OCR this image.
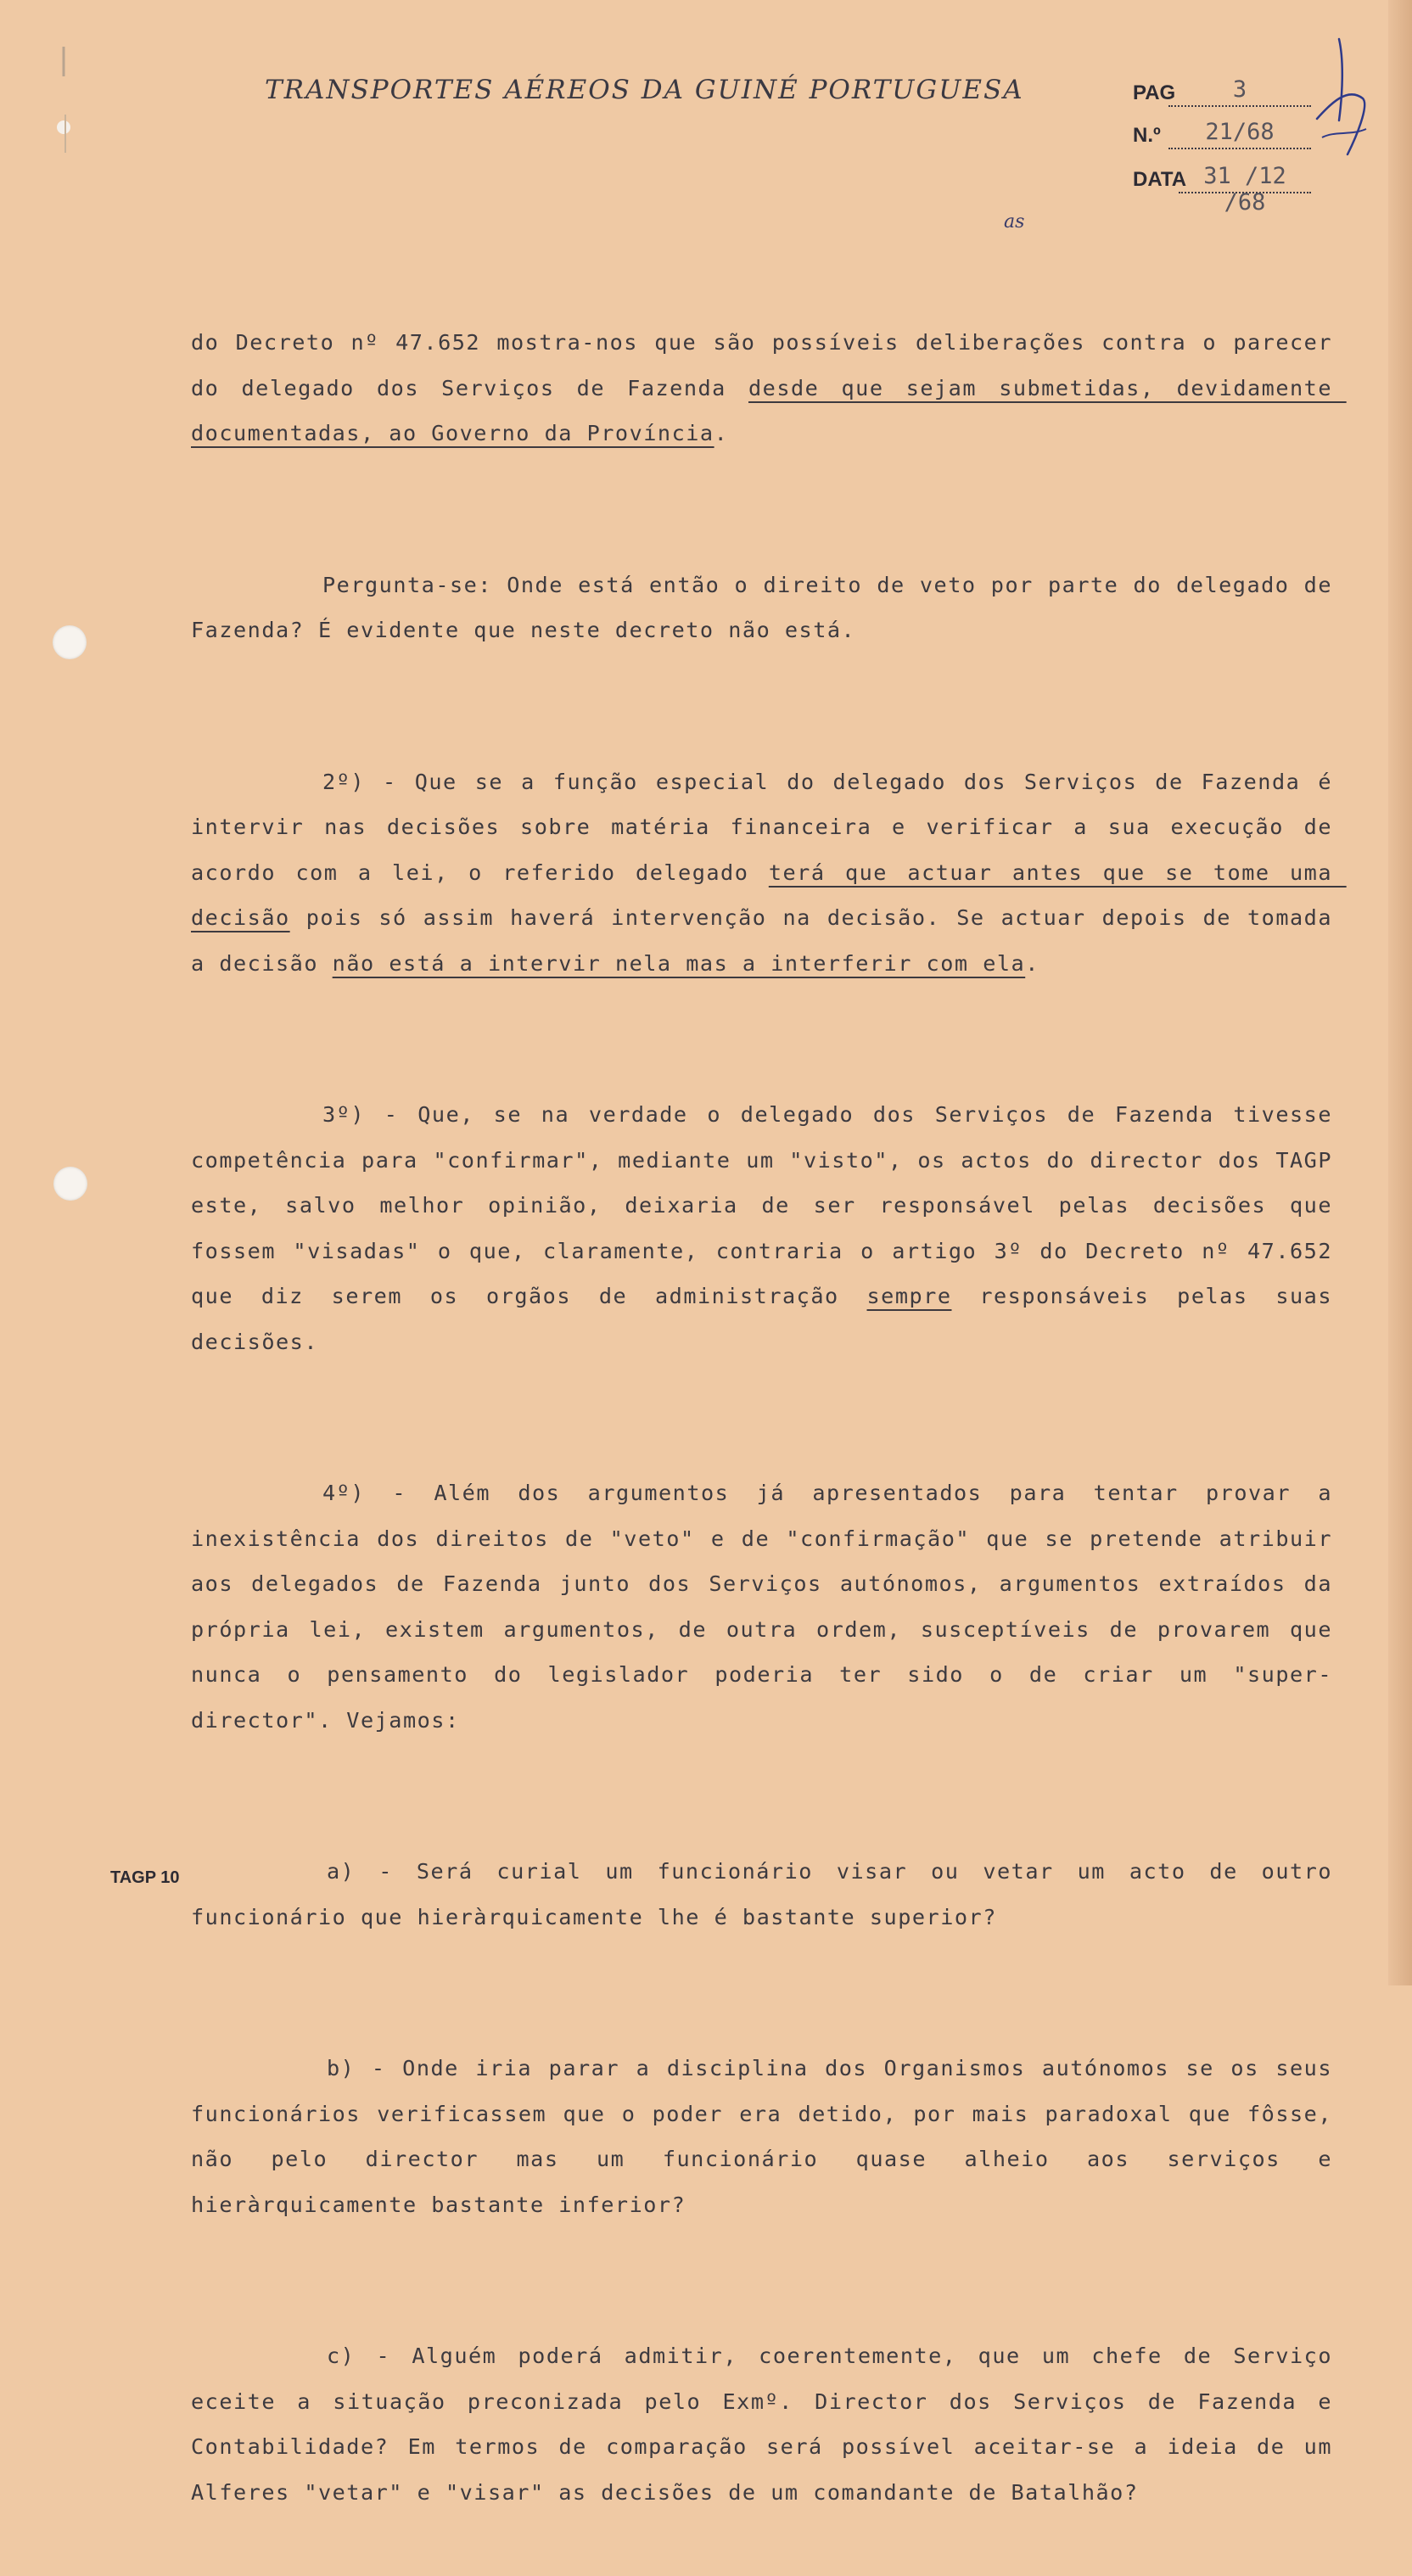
TRANSPORTES AÉREOS DA GUINÉ PORTUGUESA	PAG	3
N.º	21/68
DATA 31 /12 /68
as

do Decreto nº 47.652 mostra-nos que são possíveis deliberações contra o parecer do delegado dos Serviços de Fazenda desde que sejam submetidas, devidamente documentadas, ao Governo da Província.

Pergunta-se: Onde está então o direito de veto por parte do delegado de Fazenda? É evidente que neste decreto não está.

2º) - Que se a função especial do delegado dos Serviços de Fazenda é intervir nas decisões sobre matéria financeira e verificar a sua execução de acordo com a lei, o referido delegado terá que actuar antes que se tome uma decisão pois só assim haverá intervenção na decisão. Se actuar depois de tomada a decisão não está a intervir nela mas a interferir com ela.

3º) - Que, se na verdade o delegado dos Serviços de Fazenda tivesse competência para "confirmar", mediante um "visto", os actos do director dos TAGP este, salvo melhor opinião, deixaria de ser responsável pelas decisões que fossem "visadas" o que, claramente, contraria o artigo 3º do Decreto nº 47.652 que diz serem os orgãos de administração sempre responsáveis pelas suas decisões.

4º) - Além dos argumentos já apresentados para tentar provar a inexistência dos direitos de "veto" e de "confirmação" que se pretende atribuir aos delegados de Fazenda junto dos Serviços autónomos, argumentos extraídos da própria lei, existem argumentos, de outra ordem, susceptíveis de provarem que nunca o pensamento do legislador poderia ter sido o de criar um "super-director". Vejamos:

a) - Será curial um funcionário visar ou vetar um acto de outro funcionário que hieràrquicamente lhe é bastante superior?

b) - Onde iria parar a disciplina dos Organismos autónomos se os seus funcionários verificassem que o poder era detido, por mais paradoxal que fôsse, não pelo director mas um funcionário quase alheio aos serviços e hieràrquicamente bastante inferior?

c) - Alguém poderá admitir, coerentemente, que um chefe de Serviço eceite a situação preconizada pelo Exmº. Director dos Serviços de Fazenda e Contabilidade? Em termos de comparação será possível aceitar-se a ideia de um Alferes "vetar" e "visar" as decisões de um comandante de Batalhão?

TAGP 10
